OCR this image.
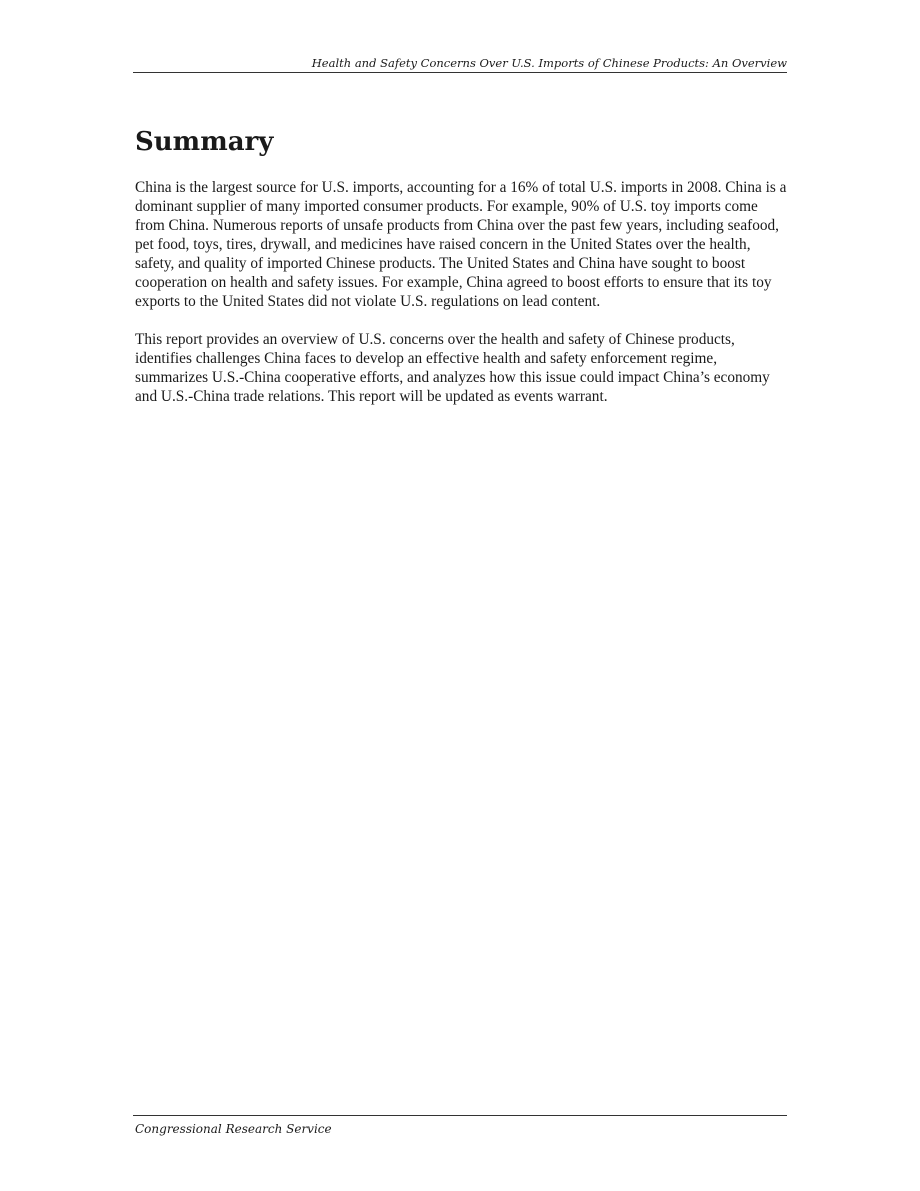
Health and Safety Concerns Over U.S. Imports of Chinese Products: An Overview
Summary

China is the largest source for U.S. imports, accounting for a 16% of total U.S. imports in 2008. China is a dominant supplier of many imported consumer products. For example, 90% of U.S. toy imports come from China. Numerous reports of unsafe products from China over the past few years, including seafood, pet food, toys, tires, drywall, and medicines have raised concern in the United States over the health, safety, and quality of imported Chinese products. The United States and China have sought to boost cooperation on health and safety issues. For example, China agreed to boost efforts to ensure that its toy exports to the United States did not violate U.S. regulations on lead content.

This report provides an overview of U.S. concerns over the health and safety of Chinese products, identifies challenges China faces to develop an effective health and safety enforcement regime, summarizes U.S.-China cooperative efforts, and analyzes how this issue could impact China’s economy and U.S.-China trade relations. This report will be updated as events warrant.

Congressional Research Service
